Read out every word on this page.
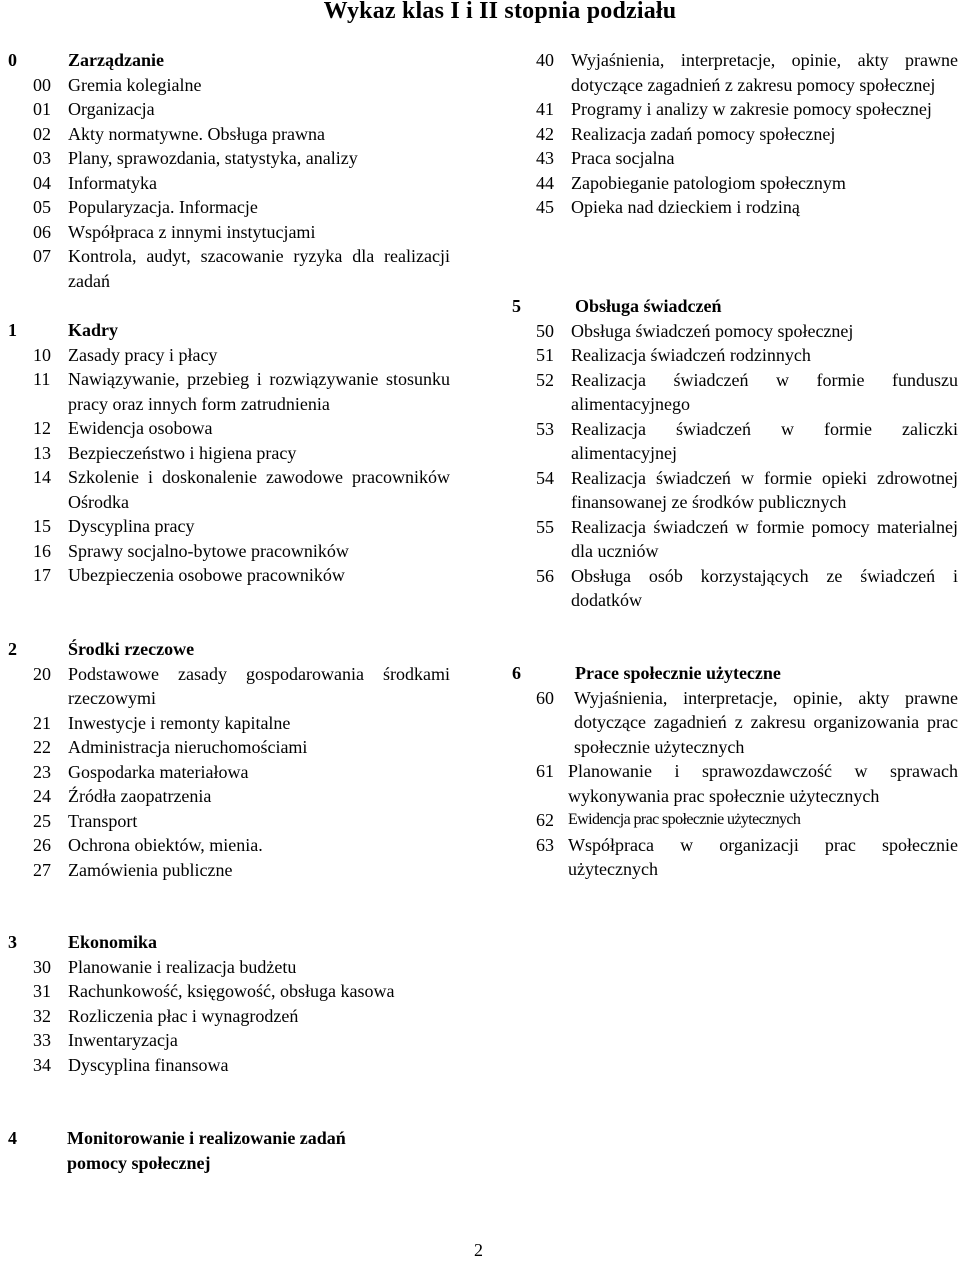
Wykaz klas I i II stopnia podziału
0	Zarządzanie
00 Gremia kolegialne
01 Organizacja
02 Akty normatywne. Obsługa prawna
03 Plany, sprawozdania, statystyka, analizy
04 Informatyka
05 Popularyzacja. Informacje
06 Współpraca z innymi instytucjami
07 Kontrola, audyt, szacowanie ryzyka dla realizacji zadań
1	Kadry
10 Zasady pracy i płacy
11 Nawiązywanie, przebieg i rozwiązywanie stosunku pracy oraz innych form zatrudnienia
12 Ewidencja osobowa
13 Bezpieczeństwo i higiena pracy
14 Szkolenie i doskonalenie zawodowe pracowników Ośrodka
15 Dyscyplina pracy
16 Sprawy socjalno-bytowe pracowników
17 Ubezpieczenia osobowe pracowników
2	Środki rzeczowe
20 Podstawowe zasady gospodarowania środkami rzeczowymi
21 Inwestycje i remonty kapitalne
22 Administracja nieruchomościami
23 Gospodarka materiałowa
24 Źródła zaopatrzenia
25 Transport
26 Ochrona obiektów, mienia.
27 Zamówienia publiczne
3	Ekonomika
30 Planowanie i realizacja budżetu
31 Rachunkowość, księgowość, obsługa kasowa
32 Rozliczenia płac i wynagrodzeń
33 Inwentaryzacja
34 Dyscyplina finansowa
4	Monitorowanie i realizowanie zadań pomocy społecznej
40 Wyjaśnienia, interpretacje, opinie, akty prawne dotyczące zagadnień z zakresu pomocy społecznej
41 Programy i analizy w zakresie pomocy społecznej
42 Realizacja zadań pomocy społecznej
43 Praca socjalna
44 Zapobieganie patologiom społecznym
45 Opieka nad dzieckiem i rodziną
5	Obsługa świadczeń
50 Obsługa świadczeń pomocy społecznej
51 Realizacja świadczeń rodzinnych
52 Realizacja świadczeń w formie funduszu alimentacyjnego
53 Realizacja świadczeń w formie zaliczki alimentacyjnej
54 Realizacja świadczeń w formie opieki zdrowotnej finansowanej ze środków publicznych
55 Realizacja świadczeń w formie pomocy materialnej dla uczniów
56 Obsługa osób korzystających ze świadczeń i dodatków
6	Prace społecznie użyteczne
60	Wyjaśnienia, interpretacje, opinie, akty prawne dotyczące zagadnień z zakresu organizowania prac społecznie użytecznych
61 Planowanie i sprawozdawczość w sprawach wykonywania prac społecznie użytecznych
62 Ewidencja prac społecznie użytecznych
63 Współpraca w organizacji prac społecznie użytecznych
2
